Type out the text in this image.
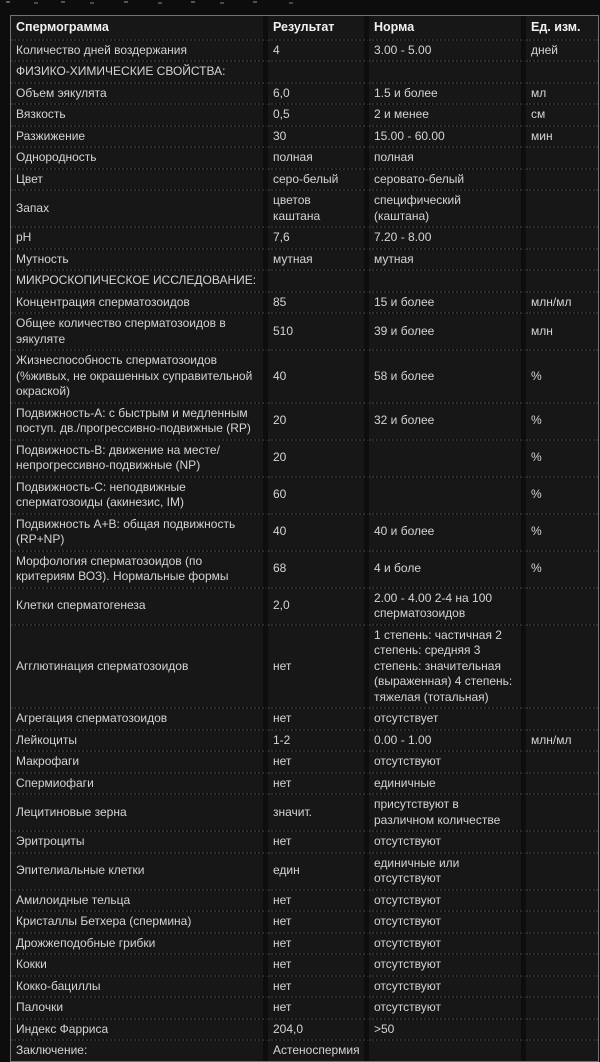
Спермограмма	Результат	Норма	Ед. изм.
Количество дней воздержания	4	3.00 - 5.00	дней
ФИЗИКО-ХИМИЧЕСКИЕ СВОЙСТВА:			
Объем эякулята	6,0	1.5 и более	мл
Вязкость	0,5	2 и менее	см
Разжижение	30	15.00 - 60.00	мин
Однородность	полная	полная	
Цвет	серо-белый	серовато-белый	
Запах	цветов каштана	специфический (каштана)	
pH	7,6	7.20 - 8.00	
Мутность	мутная	мутная	
МИКРОСКОПИЧЕСКОЕ ИССЛЕДОВАНИЕ:			
Концентрация сперматозоидов	85	15 и более	млн/мл
Общее количество сперматозоидов в эякуляте	510	39 и более	млн
Жизнеспособность сперматозоидов (%живых, не окрашенных суправительной окраской)	40	58 и более	%
Подвижность-А: с быстрым и медленным поступ. дв./прогрессивно-подвижные (RP)	20	32 и более	%
Подвижность-В: движение на месте/ непрогрессивно-подвижные (NP)	20		%
Подвижность-С: неподвижные сперматозоиды (акинезис, IM)	60		%
Подвижность А+В: общая подвижность (RP+NP)	40	40 и более	%
Морфология сперматозоидов (по критериям ВОЗ). Нормальные формы	68	4 и боле	%
Клетки сперматогенеза	2,0	2.00 - 4.00 2-4 на 100 сперматозоидов	
Агглютинация сперматозоидов	нет	1 степень: частичная 2 степень: средняя 3 степень: значительная (выраженная) 4 степень: тяжелая (тотальная)	
Агрегация сперматозоидов	нет	отсутствует	
Лейкоциты	1-2	0.00 - 1.00	млн/мл
Макрофаги	нет	отсутствуют	
Спермиофаги	нет	единичные	
Лецитиновые зерна	значит.	присутствуют в различном количестве	
Эритроциты	нет	отсутствуют	
Эпителиальные клетки	един	единичные или отсутствуют	
Амилоидные тельца	нет	отсутствуют	
Кристаллы Бетхера (спермина)	нет	отсутствуют	
Дрожжеподобные грибки	нет	отсутствуют	
Кокки	нет	отсутствуют	
Кокко-бациллы	нет	отсутствуют	
Палочки	нет	отсутствуют	
Индекс Фарриса	204,0	>50	
Заключение:	Астеноспермия		
